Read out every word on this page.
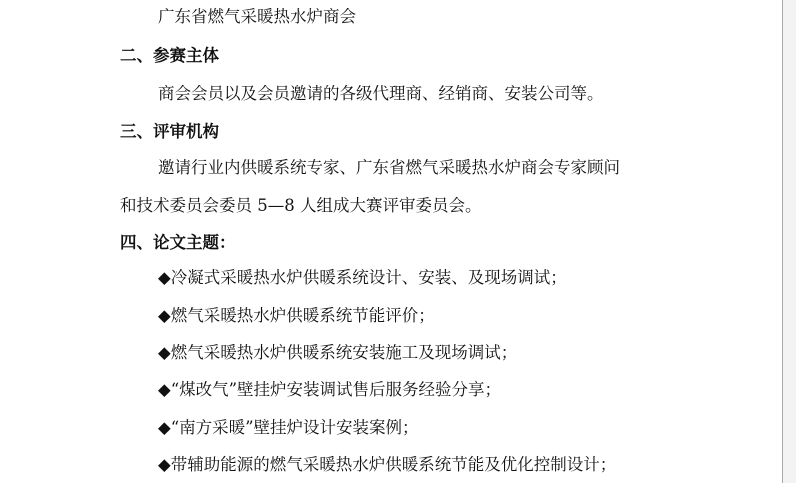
广东省燃气采暖热水炉商会
二、参赛主体
商会会员以及会员邀请的各级代理商、经销商、安装公司等。
三、评审机构
邀请行业内供暖系统专家、广东省燃气采暖热水炉商会专家顾问
和技术委员会委员 5—8 人组成大赛评审委员会。
四、论文主题：
◆冷凝式采暖热水炉供暖系统设计、安装、及现场调试；
◆燃气采暖热水炉供暖系统节能评价；
◆燃气采暖热水炉供暖系统安装施工及现场调试；
◆“煤改气”壁挂炉安装调试售后服务经验分享；
◆“南方采暖”壁挂炉设计安装案例；
◆带辅助能源的燃气采暖热水炉供暖系统节能及优化控制设计；
